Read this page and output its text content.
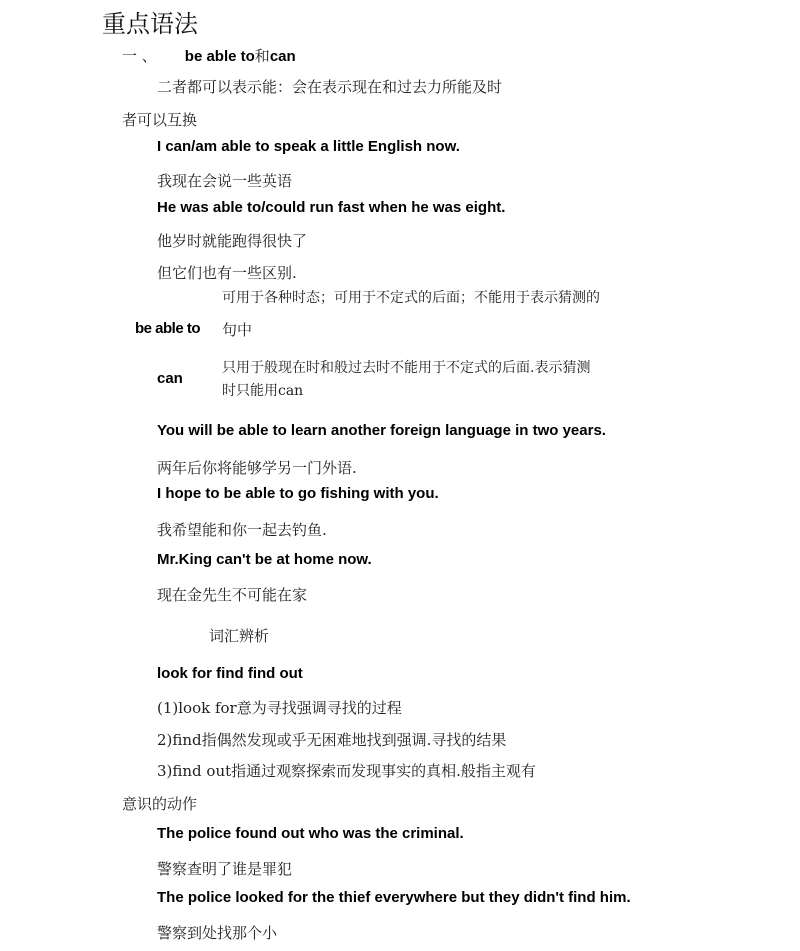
重点语法
一 、 be able to和can
二者都可以表示能：会在表示现在和过去力所能及时
者可以互换
I can/am able to speak a little English now.
我现在会说一些英语
He was able to/could run fast when he was eight.
他岁时就能跑得很快了
但它们也有一些区别.
可用于各种时态；可用于不定式的后面；不能用于表示猜测的
be able to 句中
只用于般现在时和般过去时不能用于不定式的后面.表示猜测
can
时只能用can
You will be able to learn another foreign language in two years.
两年后你将能够学另一门外语.
I hope to be able to go fishing with you.
我希望能和你一起去钓鱼.
Mr.King can't be at home now.
现在金先生不可能在家
词汇辨析
look for find find out
(1)look for意为寻找强调寻找的过程
2)find指偶然发现或乎无困难地找到强调.寻找的结果
3)find out指通过观察探索而发现事实的真相.般指主观有
意识的动作
The police found out who was the criminal.
警察查明了谁是罪犯
The police looked for the thief everywhere but they didn't find him.
警察到处找那个小
